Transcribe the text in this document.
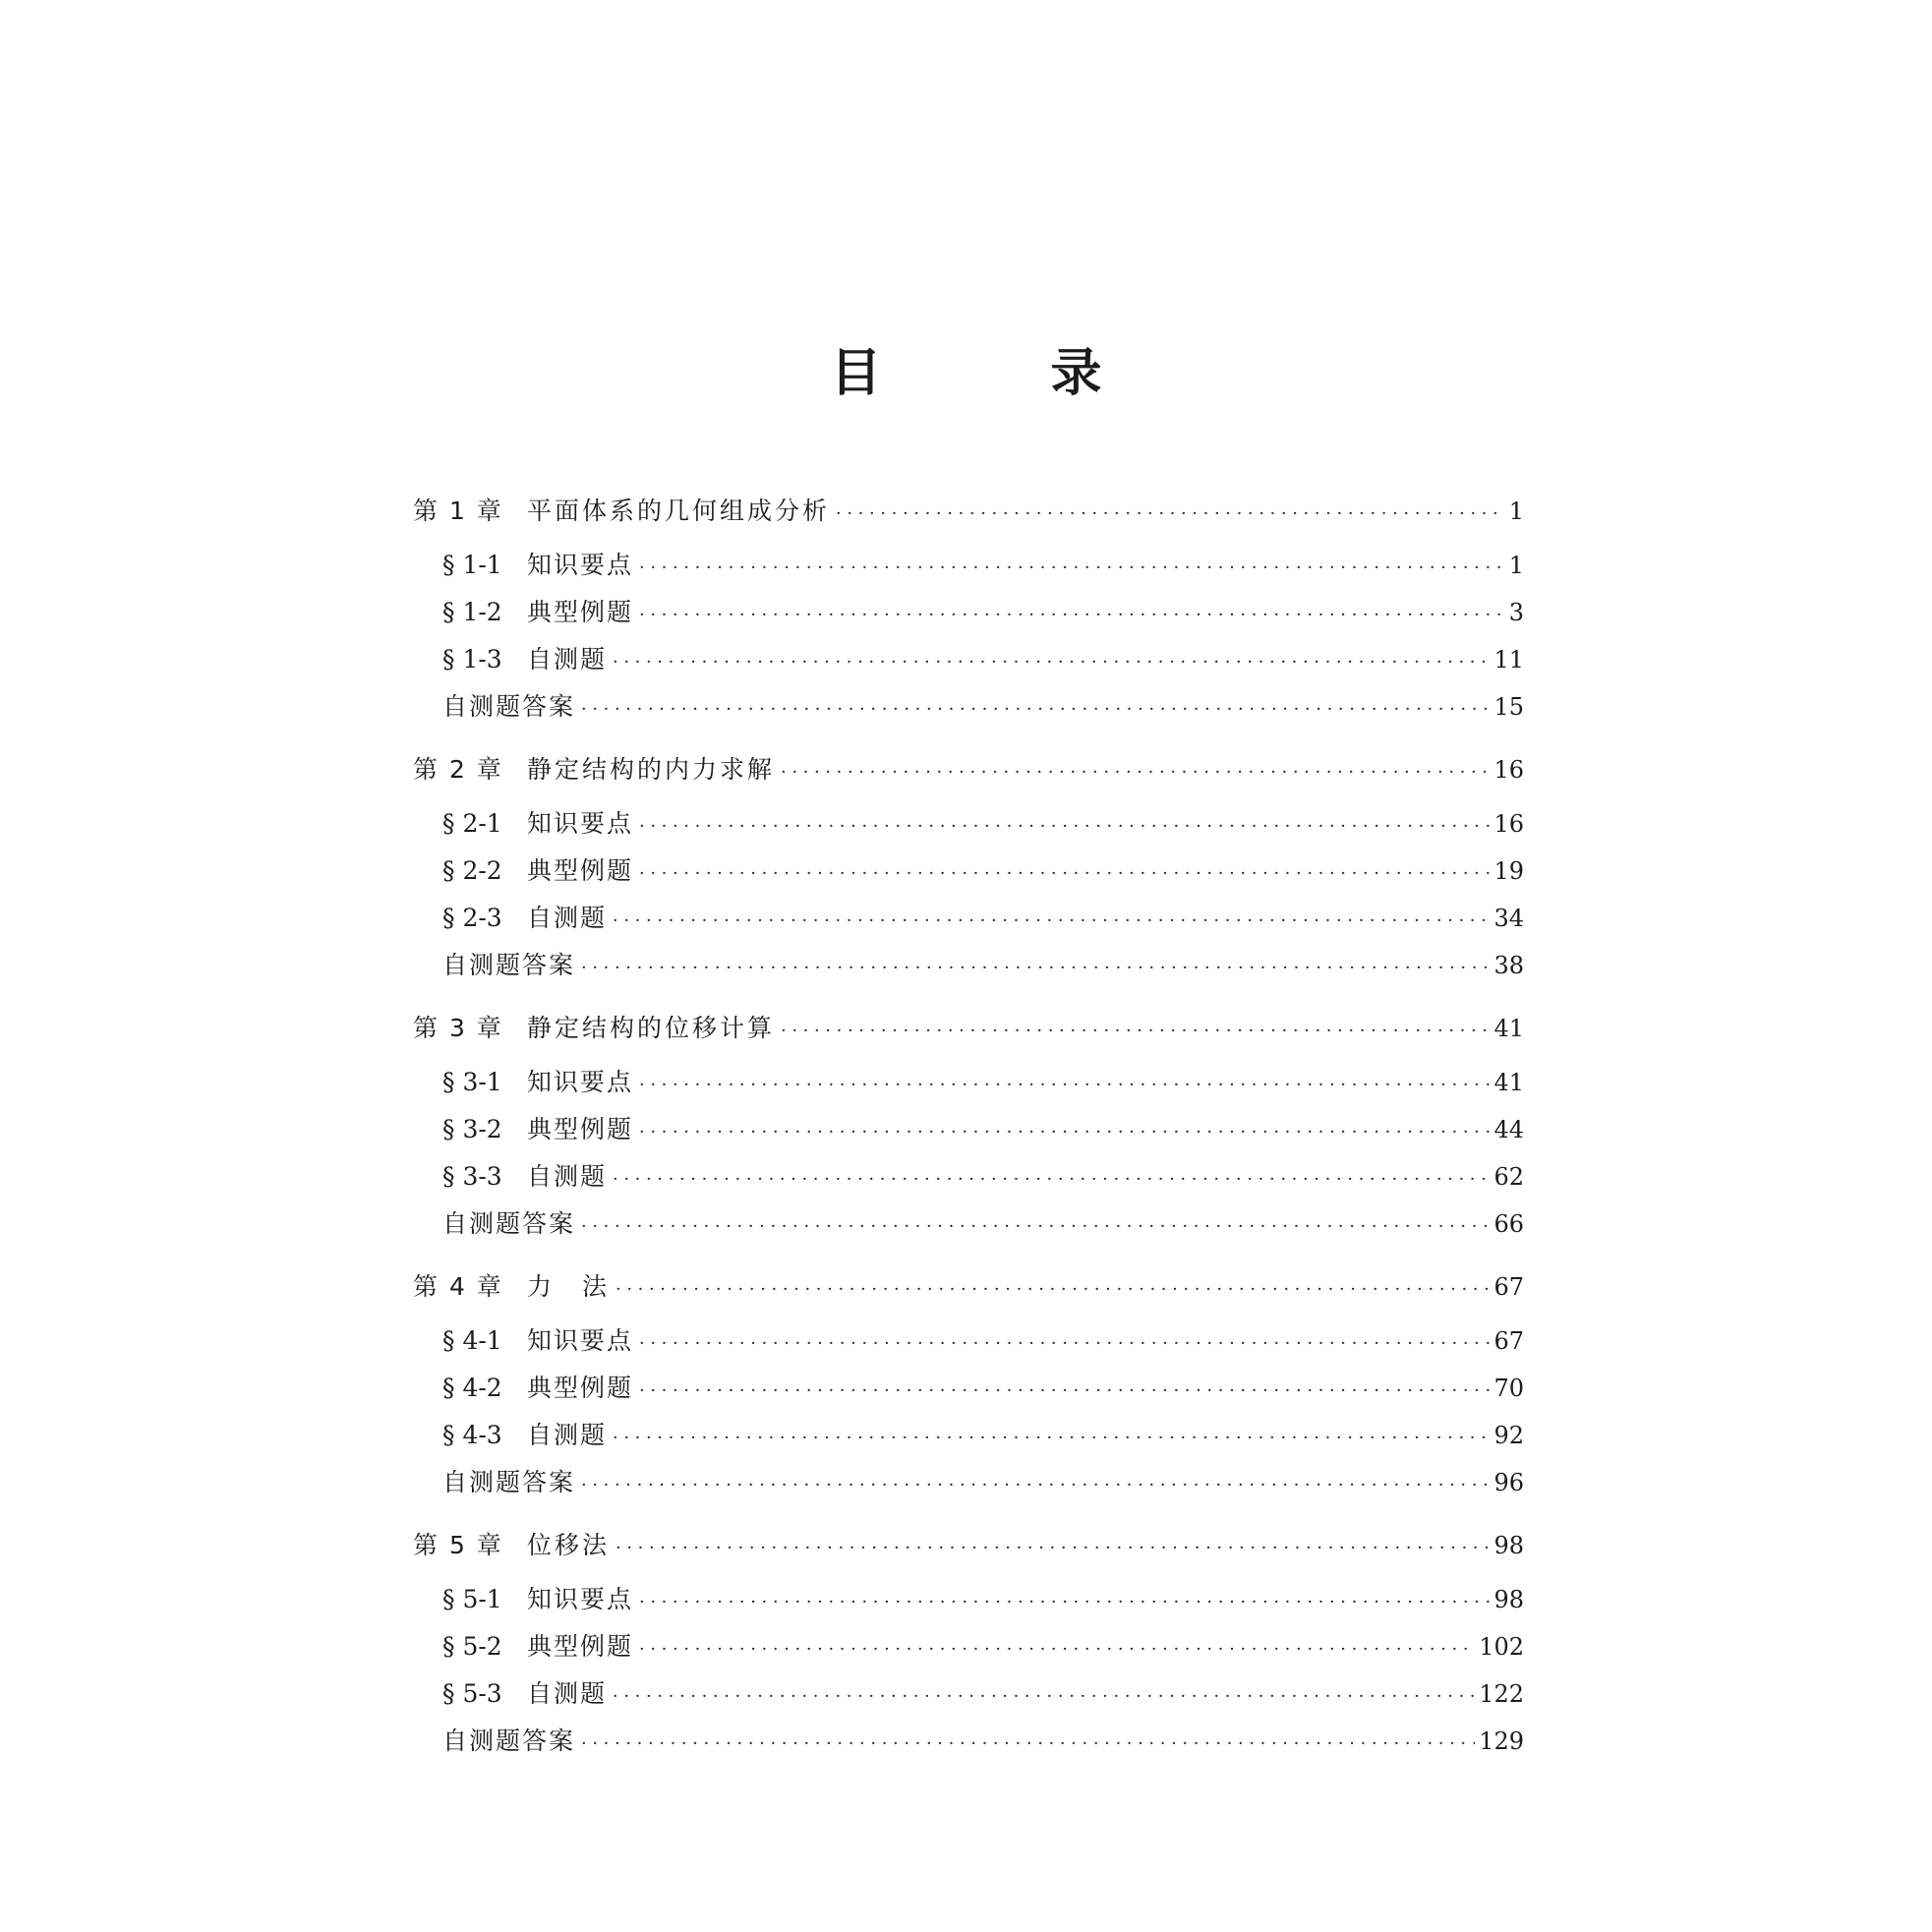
目　录
第 1 章 平面体系的几何组成分析 ·····	1
§ 1-1	知识要点 ·····	1
§ 1-2	典型例题 ·····	3
§ 1-3	自测题 ·····	11
自测题答案 ·····	15
第 2 章 静定结构的内力求解 ·····	16
§ 2-1	知识要点 ·····	16
§ 2-2	典型例题 ·····	19
§ 2-3	自测题 ·····	34
自测题答案 ·····	38
第 3 章 静定结构的位移计算 ·····	41
§ 3-1	知识要点 ·····	41
§ 3-2	典型例题 ·····	44
§ 3-3	自测题 ·····	62
自测题答案 ·····	66
第 4 章 力　法 ·····	67
§ 4-1	知识要点 ·····	67
§ 4-2	典型例题 ·····	70
§ 4-3	自测题 ·····	92
自测题答案 ·····	96
第 5 章 位移法 ·····	98
§ 5-1	知识要点 ·····	98
§ 5-2	典型例题 ·····	102
§ 5-3	自测题 ·····	122
自测题答案 ·····	129
